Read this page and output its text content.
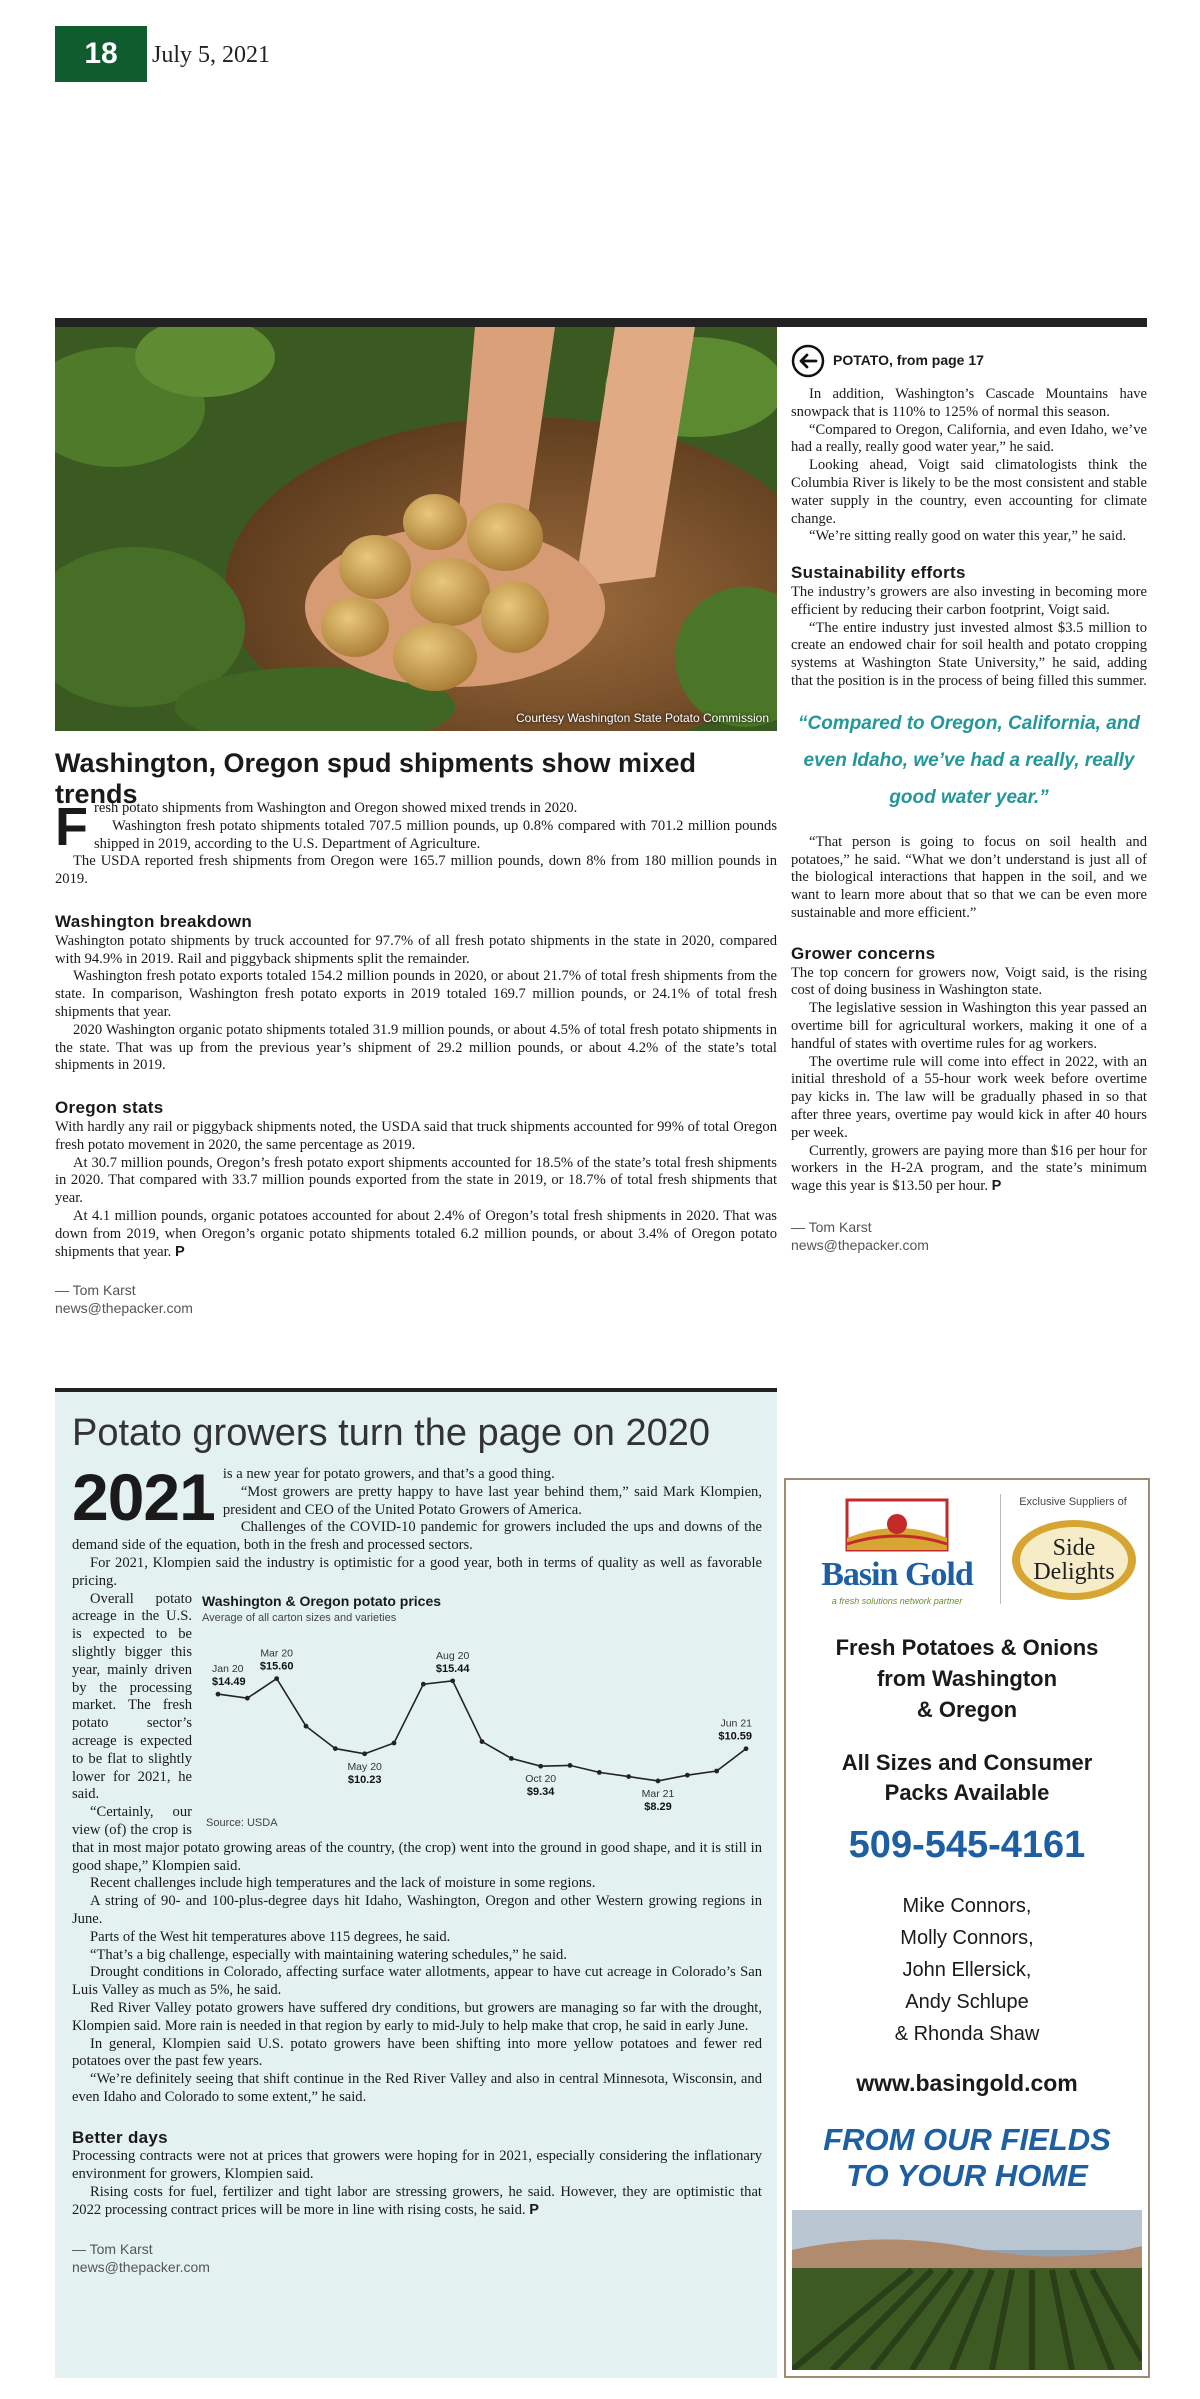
18	July 5, 2021
Courtesy Washington State Potato Commission
Washington, Oregon spud shipments show mixed trends
F resh potato shipments from Washington and Oregon showed mixed trends in 2020.

Washington fresh potato shipments totaled 707.5 million pounds, up 0.8% compared with 701.2 million pounds shipped in 2019, according to the U.S. Department of Agriculture.

The USDA reported fresh shipments from Oregon were 165.7 million pounds, down 8% from 180 million pounds in 2019.

Washington breakdown

Washington potato shipments by truck accounted for 97.7% of all fresh potato shipments in the state in 2020, compared with 94.9% in 2019. Rail and piggyback shipments split the remainder.

Washington fresh potato exports totaled 154.2 million pounds in 2020, or about 21.7% of total fresh shipments from the state. In comparison, Washington fresh potato exports in 2019 totaled 169.7 million pounds, or 24.1% of total fresh shipments that year.

2020 Washington organic potato shipments totaled 31.9 million pounds, or about 4.5% of total fresh potato shipments in the state. That was up from the previous year’s shipment of 29.2 million pounds, or about 4.2% of the state’s total shipments in 2019.

Oregon stats

With hardly any rail or piggyback shipments noted, the USDA said that truck shipments accounted for 99% of total Oregon fresh potato movement in 2020, the same percentage as 2019.

At 30.7 million pounds, Oregon’s fresh potato export shipments accounted for 18.5% of the state’s total fresh shipments in 2020. That compared with 33.7 million pounds exported from the state in 2019, or 18.7% of total fresh shipments that year.

At 4.1 million pounds, organic potatoes accounted for about 2.4% of Oregon’s total fresh shipments in 2020. That was down from 2019, when Oregon’s organic potato shipments totaled 6.2 million pounds, or about 3.4% of Oregon potato shipments that year. P

— Tom Karst
news@thepacker.com
POTATO, from page 17

In addition, Washington’s Cascade Mountains have snowpack that is 110% to 125% of normal this season.

“Compared to Oregon, California, and even Idaho, we’ve had a really, really good water year,” he said.

Looking ahead, Voigt said climatologists think the Columbia River is likely to be the most consistent and stable water supply in the country, even accounting for climate change.

“We’re sitting really good on water this year,” he said.

Sustainability efforts

The industry’s growers are also investing in becoming more efficient by reducing their carbon footprint, Voigt said.

“The entire industry just invested almost $3.5 million to create an endowed chair for soil health and potato cropping systems at Washington State University,” he said, adding that the position is in the process of being filled this summer.

“Compared to Oregon, California, and even Idaho, we’ve had a really, really good water year.”

“That person is going to focus on soil health and potatoes,” he said. “What we don’t understand is just all of the biological interactions that happen in the soil, and we want to learn more about that so that we can be even more sustainable and more efficient.”

Grower concerns

The top concern for growers now, Voigt said, is the rising cost of doing business in Washington state.

The legislative session in Washington this year passed an overtime bill for agricultural workers, making it one of a handful of states with overtime rules for ag workers.

The overtime rule will come into effect in 2022, with an initial threshold of a 55-hour work week before overtime pay kicks in. The law will be gradually phased in so that after three years, overtime pay would kick in after 40 hours per week.

Currently, growers are paying more than $16 per hour for workers in the H-2A program, and the state’s minimum wage this year is $13.50 per hour. P

— Tom Karst
news@thepacker.com
Potato growers turn the page on 2020
2021 is a new year for potato growers, and that’s a good thing.

“Most growers are pretty happy to have last year behind them,” said Mark Klompien, president and CEO of the United Potato Growers of America.

Challenges of the COVID-10 pandemic for growers included the ups and downs of the demand side of the equation, both in the fresh and processed sectors.

For 2021, Klompien said the industry is optimistic for a good year, both in terms of quality as well as favorable pricing.

Washington & Oregon potato prices
Average of all carton sizes and varieties
Jan 20
$14.49
Mar 20
$15.60
May 20
$10.23
Aug 20
$15.44
Oct 20
$9.34	Mar 21
$8.29
Jun 21
$10.59
Source: USDA

Overall potato acreage in the U.S. is expected to be slightly bigger this year, mainly driven by the processing market. The fresh potato sector’s acreage is expected to be flat to slightly lower for 2021, he said.

“Certainly, our view (of) the crop is that in most major potato growing areas of the country, (the crop) went into the ground in good shape, and it is still in good shape,” Klompien said.

Recent challenges include high temperatures and the lack of moisture in some regions.

A string of 90- and 100-plus-degree days hit Idaho, Washington, Oregon and other Western growing regions in June.

Parts of the West hit temperatures above 115 degrees, he said.

“That’s a big challenge, especially with maintaining watering schedules,” he said.

Drought conditions in Colorado, affecting surface water allotments, appear to have cut acreage in Colorado’s San Luis Valley as much as 5%, he said.

Red River Valley potato growers have suffered dry conditions, but growers are managing so far with the drought, Klompien said. More rain is needed in that region by early to mid-July to help make that crop, he said in early June.

In general, Klompien said U.S. potato growers have been shifting into more yellow potatoes and fewer red potatoes over the past few years.

“We’re definitely seeing that shift continue in the Red River Valley and also in central Minnesota, Wisconsin, and even Idaho and Colorado to some extent,” he said.

Better days

Processing contracts were not at prices that growers were hoping for in 2021, especially considering the inflationary environment for growers, Klompien said.

Rising costs for fuel, fertilizer and tight labor are stressing growers, he said. However, they are optimistic that 2022 processing contract prices will be more in line with rising costs, he said. P

— Tom Karst
news@thepacker.com
Basin Gold
a fresh solutions network partner
Exclusive Suppliers of
Side
Delights
Fresh Potatoes & Onions
from Washington
& Oregon
All Sizes and Consumer
Packs Available
509-545-4161
Mike Connors,
Molly Connors,
John Ellersick,
Andy Schlupe
& Rhonda Shaw
www.basingold.com
FROM OUR FIELDS
TO YOUR HOME
